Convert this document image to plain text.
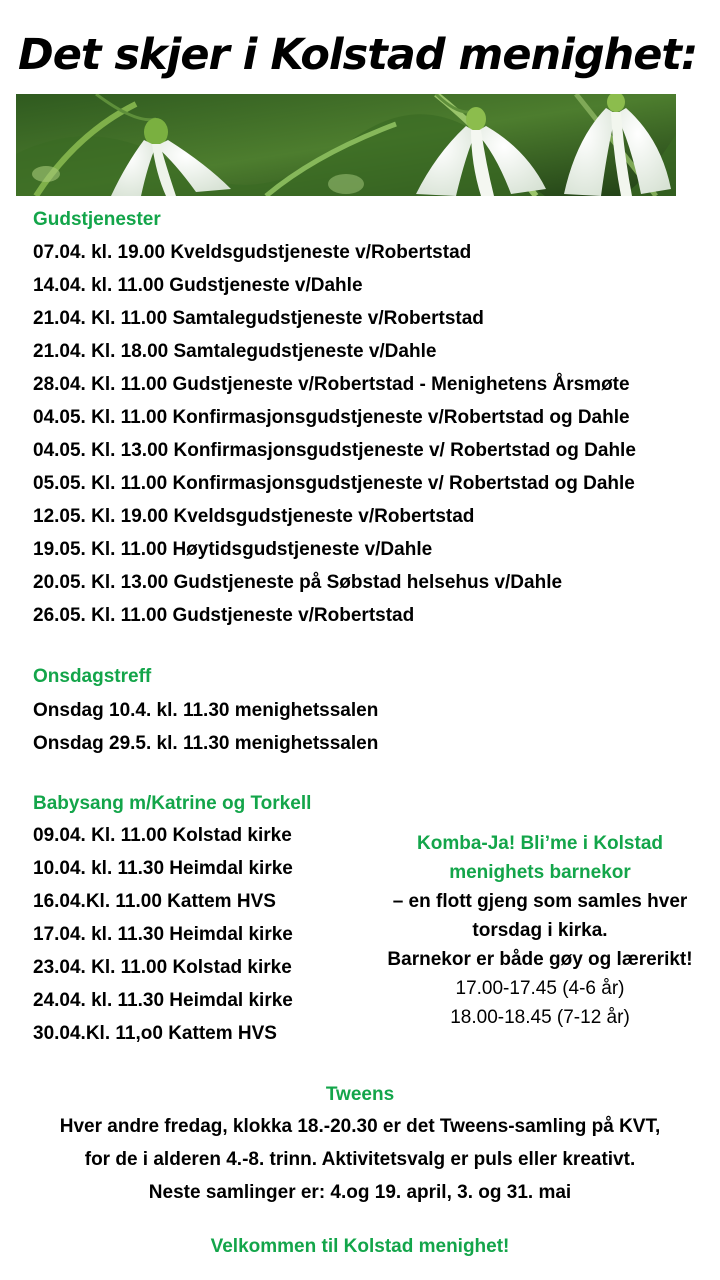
Det skjer i Kolstad menighet:
Gudstjenester
07.04. kl. 19.00 Kveldsgudstjeneste v/Robertstad
14.04. kl. 11.00 Gudstjeneste v/Dahle
21.04. Kl. 11.00 Samtalegudstjeneste v/Robertstad
21.04. Kl. 18.00 Samtalegudstjeneste v/Dahle
28.04. Kl. 11.00 Gudstjeneste v/Robertstad - Menighetens Årsmøte
04.05. Kl. 11.00 Konfirmasjonsgudstjeneste v/Robertstad og Dahle
04.05. Kl. 13.00 Konfirmasjonsgudstjeneste v/ Robertstad og Dahle
05.05. Kl. 11.00 Konfirmasjonsgudstjeneste v/ Robertstad og Dahle
12.05. Kl. 19.00 Kveldsgudstjeneste v/Robertstad
19.05. Kl. 11.00 Høytidsgudstjeneste v/Dahle
20.05. Kl. 13.00 Gudstjeneste på Søbstad helsehus v/Dahle
26.05. Kl. 11.00 Gudstjeneste v/Robertstad
Onsdagstreff
Onsdag 10.4. kl. 11.30 menighetssalen
Onsdag 29.5. kl. 11.30 menighetssalen
Babysang m/Katrine og Torkell
09.04. Kl. 11.00 Kolstad kirke
10.04. kl. 11.30 Heimdal kirke
16.04.Kl. 11.00 Kattem HVS
17.04. kl. 11.30 Heimdal kirke
23.04. Kl. 11.00 Kolstad kirke
24.04. kl. 11.30 Heimdal kirke
30.04.Kl. 11,o0 Kattem HVS
Komba-Ja! Bli’me i Kolstad
menighets barnekor
– en flott gjeng som samles hver
torsdag i kirka.
Barnekor er både gøy og lærerikt!
17.00-17.45 (4-6 år)
18.00-18.45 (7-12 år)
Tweens
Hver andre fredag, klokka 18.-20.30 er det Tweens-samling på KVT,
for de i alderen 4.-8. trinn. Aktivitetsvalg er puls eller kreativt.
Neste samlinger er: 4.og 19. april, 3. og 31. mai
Velkommen til Kolstad menighet!
